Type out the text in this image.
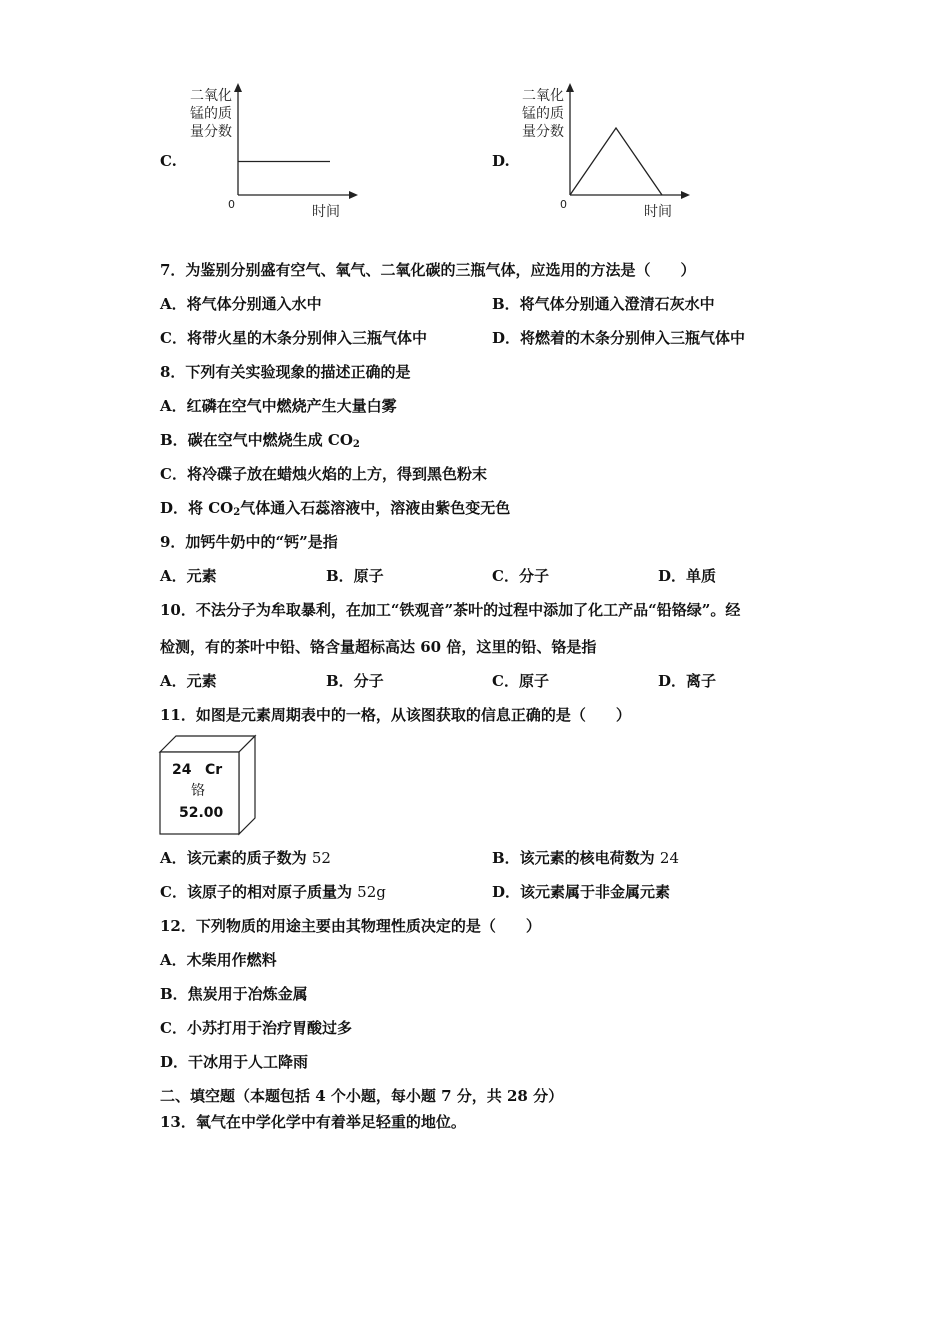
C.
二氧化
锰的质
量分数
0	时间
D.
二氧化
锰的质
量分数
0	时间
7．为鉴别分别盛有空气、氧气、二氧化碳的三瓶气体，应选用的方法是（　　）
A．将气体分别通入水中	B．将气体分别通入澄清石灰水中
C．将带火星的木条分别伸入三瓶气体中	D．将燃着的木条分别伸入三瓶气体中
8．下列有关实验现象的描述正确的是
A．红磷在空气中燃烧产生大量白雾
B．碳在空气中燃烧生成 $CO_2$
C．将冷碟子放在蜡烛火焰的上方，得到黑色粉末
D．将 $CO_2$气体通入石蕊溶液中，溶液由紫色变无色
9．加钙牛奶中的“钙”是指
A．元素	B．原子	C．分子	D．单质
10．不法分子为牟取暴利，在加工“铁观音”茶叶的过程中添加了化工产品“铅铬绿”。经
检测，有的茶叶中铅、铬含量超标高达 60 倍，这里的铅、铬是指
A．元素	B．分子	C．原子	D．离子
11．如图是元素周期表中的一格，从该图获取的信息正确的是（　　）
24 Cr
铬
52.00
A．该元素的质子数为 52	B．该元素的核电荷数为 24
C．该原子的相对原子质量为 52g	D．该元素属于非金属元素
12．下列物质的用途主要由其物理性质决定的是（　　）
A．木柴用作燃料
B．焦炭用于冶炼金属
C．小苏打用于治疗胃酸过多
D．干冰用于人工降雨
二、填空题（本题包括 4 个小题，每小题 7 分，共 28 分）
13．氧气在中学化学中有着举足轻重的地位。
